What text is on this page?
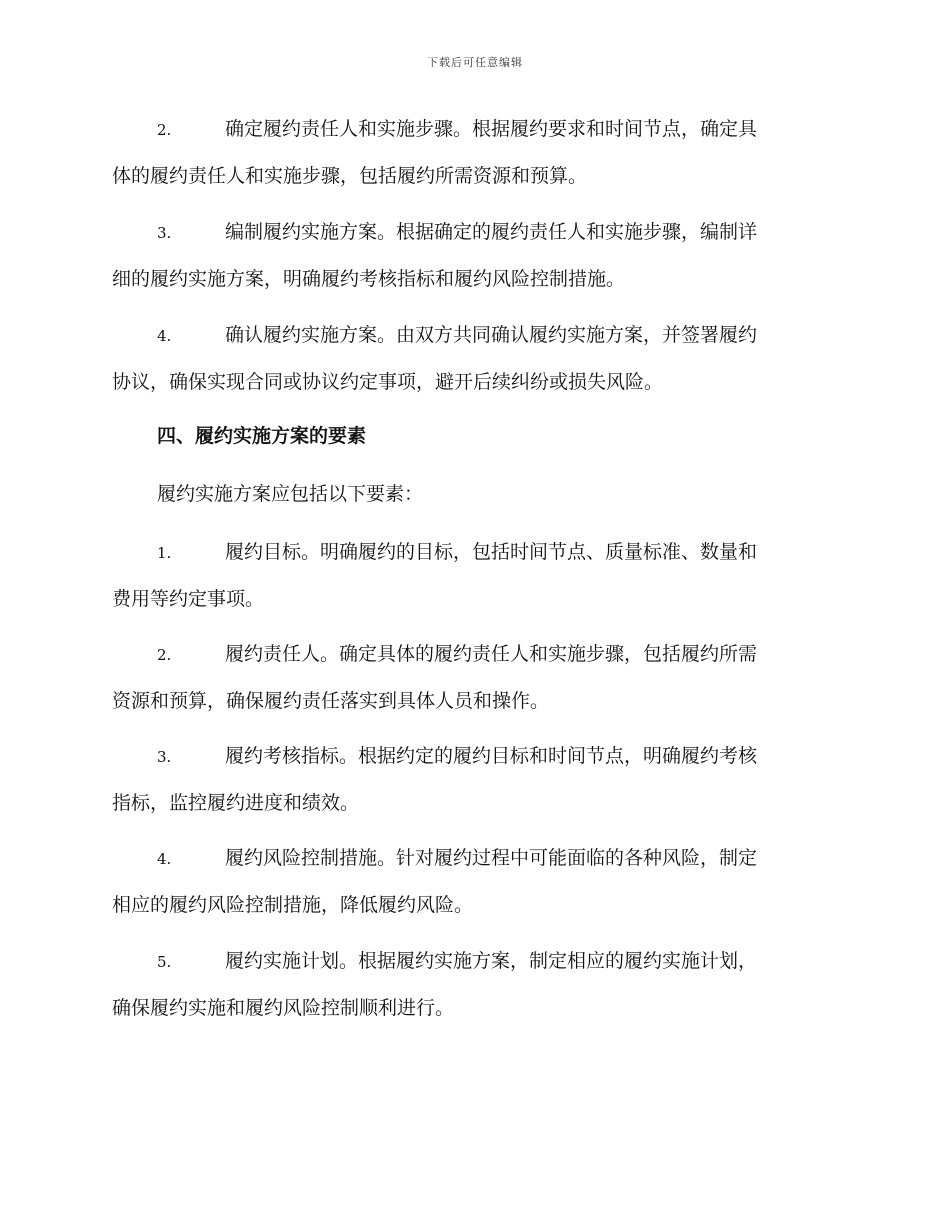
下载后可任意编辑
2.	确定履约责任人和实施步骤。根据履约要求和时间节点，确定具
体的履约责任人和实施步骤，包括履约所需资源和预算。
3.	编制履约实施方案。根据确定的履约责任人和实施步骤，编制详
细的履约实施方案，明确履约考核指标和履约风险控制措施。
4.	确认履约实施方案。由双方共同确认履约实施方案，并签署履约
协议，确保实现合同或协议约定事项，避开后续纠纷或损失风险。
四、履约实施方案的要素
履约实施方案应包括以下要素：
1.	履约目标。明确履约的目标，包括时间节点、质量标准、数量和
费用等约定事项。
2.	履约责任人。确定具体的履约责任人和实施步骤，包括履约所需
资源和预算，确保履约责任落实到具体人员和操作。
3.	履约考核指标。根据约定的履约目标和时间节点，明确履约考核
指标，监控履约进度和绩效。
4.	履约风险控制措施。针对履约过程中可能面临的各种风险，制定
相应的履约风险控制措施，降低履约风险。
5.	履约实施计划。根据履约实施方案，制定相应的履约实施计划，
确保履约实施和履约风险控制顺利进行。
